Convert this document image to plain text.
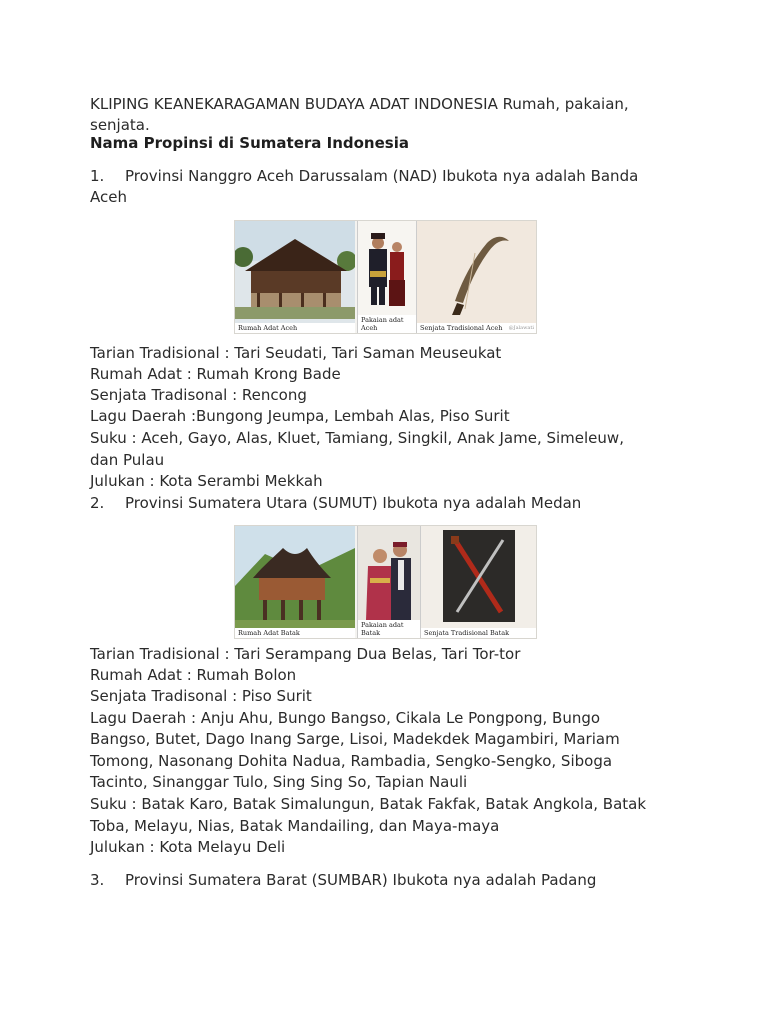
KLIPING KEANEKARAGAMAN BUDAYA ADAT INDONESIA Rumah, pakaian,
senjata.
Nama Propinsi di Sumatera Indonesia
1. Provinsi Nanggro Aceh Darussalam (NAD) Ibukota nya adalah Banda
Aceh
Rumah Adat Aceh
Pakaian adat Aceh	Senjata Tradisional Aceh @Jalawati
Tarian Tradisional : Tari Seudati, Tari Saman Meuseukat
Rumah Adat : Rumah Krong Bade
Senjata Tradisonal : Rencong
Lagu Daerah :Bungong Jeumpa, Lembah Alas, Piso Surit
Suku : Aceh, Gayo, Alas, Kluet, Tamiang, Singkil, Anak Jame, Simeleuw,
dan Pulau
Julukan : Kota Serambi Mekkah
2. Provinsi Sumatera Utara (SUMUT) Ibukota nya adalah Medan
Rumah Adat Batak
Pakaian adat Batak	Senjata Tradisional Batak
Tarian Tradisional : Tari Serampang Dua Belas, Tari Tor-tor
Rumah Adat : Rumah Bolon
Senjata Tradisonal : Piso Surit
Lagu Daerah : Anju Ahu, Bungo Bangso, Cikala Le Pongpong, Bungo
Bangso, Butet, Dago Inang Sarge, Lisoi, Madekdek Magambiri, Mariam
Tomong, Nasonang Dohita Nadua, Rambadia, Sengko-Sengko, Siboga
Tacinto, Sinanggar Tulo, Sing Sing So, Tapian Nauli
Suku : Batak Karo, Batak Simalungun, Batak Fakfak, Batak Angkola, Batak
Toba, Melayu, Nias, Batak Mandailing, dan Maya-maya
Julukan : Kota Melayu Deli
3. Provinsi Sumatera Barat (SUMBAR) Ibukota nya adalah Padang
